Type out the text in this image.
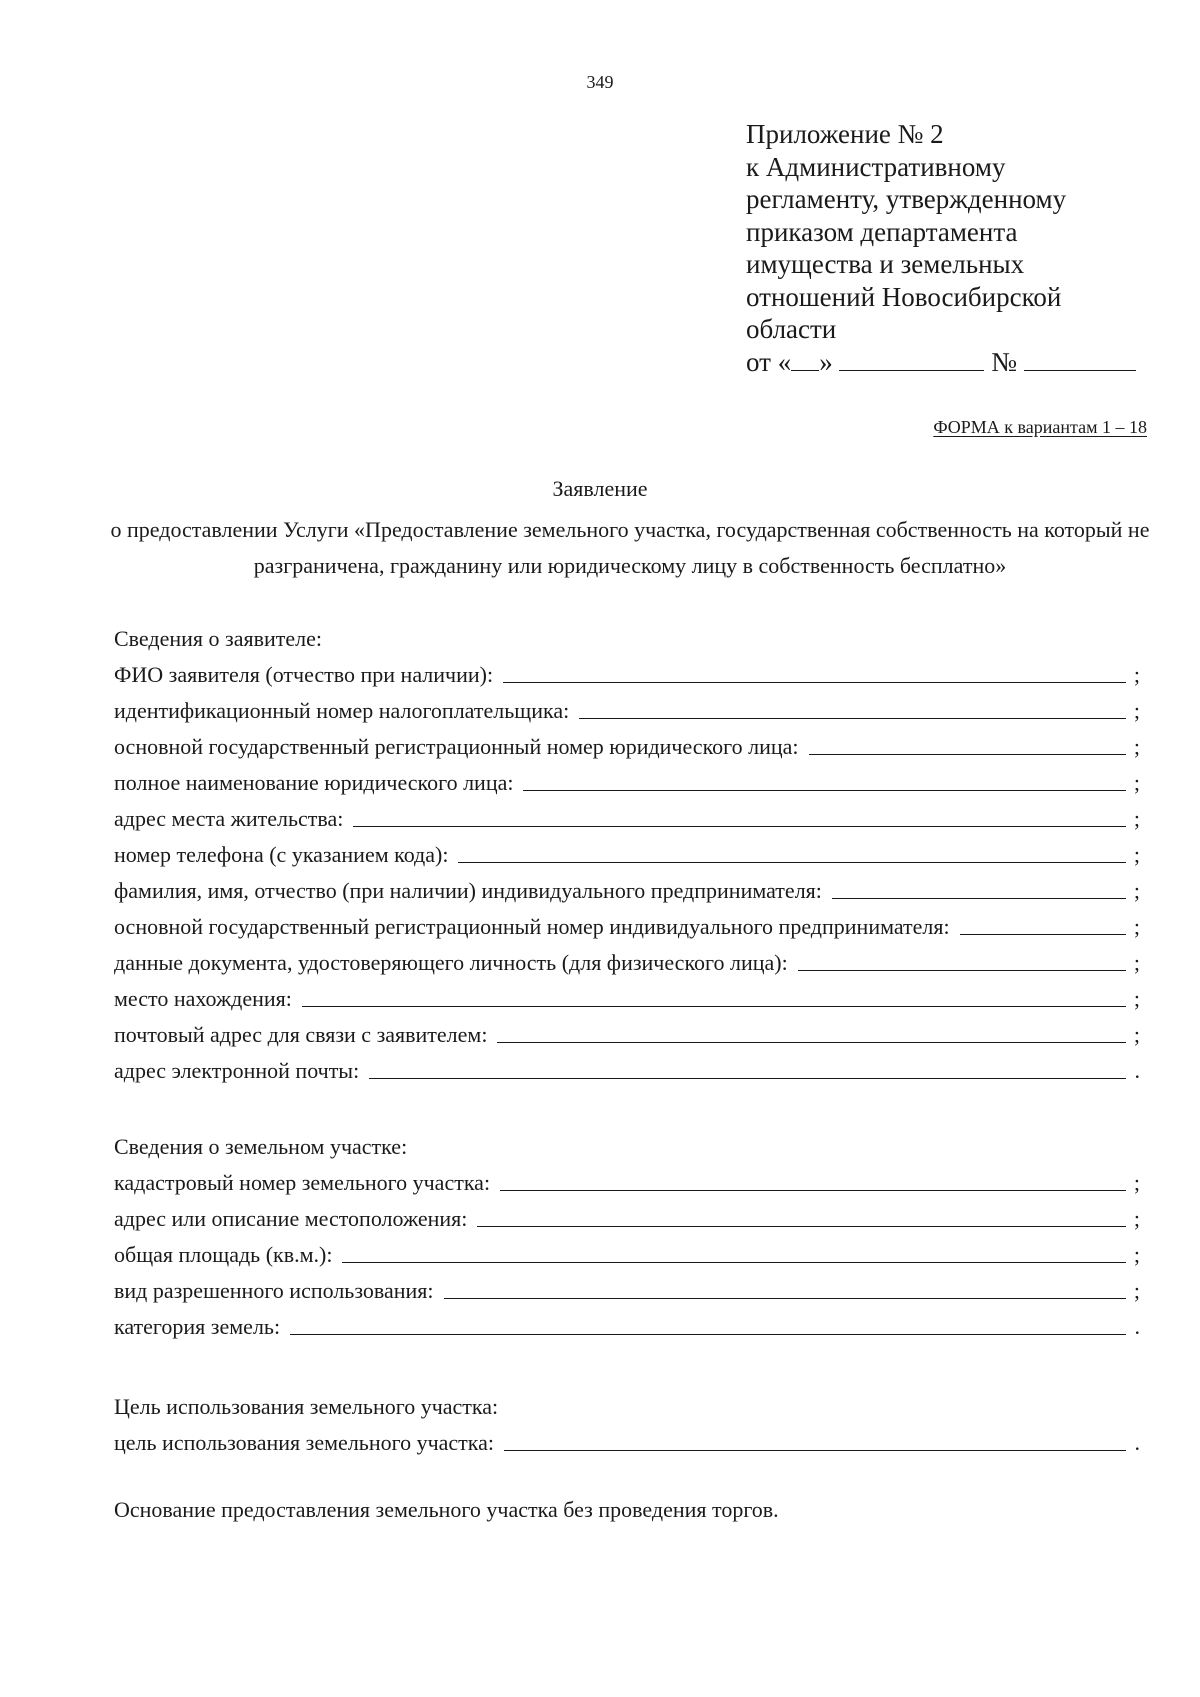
349
Приложение № 2
к Административному
регламенту, утвержденному
приказом департамента
имущества и земельных
отношений Новосибирской
области
от « »	№
ФОРМА к вариантам 1 – 18
Заявление
о предоставлении Услуги «Предоставление земельного участка, государственная собственность на который не разграничена, гражданину или юридическому лицу в собственность бесплатно»
Сведения о заявителе:
ФИО заявителя (отчество при наличии):	;
идентификационный номер налогоплательщика:	;
основной государственный регистрационный номер юридического лица:	;
полное наименование юридического лица:	;
адрес места жительства:	;
номер телефона (с указанием кода):	;
фамилия, имя, отчество (при наличии) индивидуального предпринимателя:	;
основной государственный регистрационный номер индивидуального предпринимателя:	;
данные документа, удостоверяющего личность (для физического лица):	;
место нахождения:	;
почтовый адрес для связи с заявителем:	;
адрес электронной почты:	.
Сведения о земельном участке:
кадастровый номер земельного участка:	;
адрес или описание местоположения:	;
общая площадь (кв.м.):	;
вид разрешенного использования:	;
категория земель:	.
Цель использования земельного участка:
цель использования земельного участка:	.
Основание предоставления земельного участка без проведения торгов.
